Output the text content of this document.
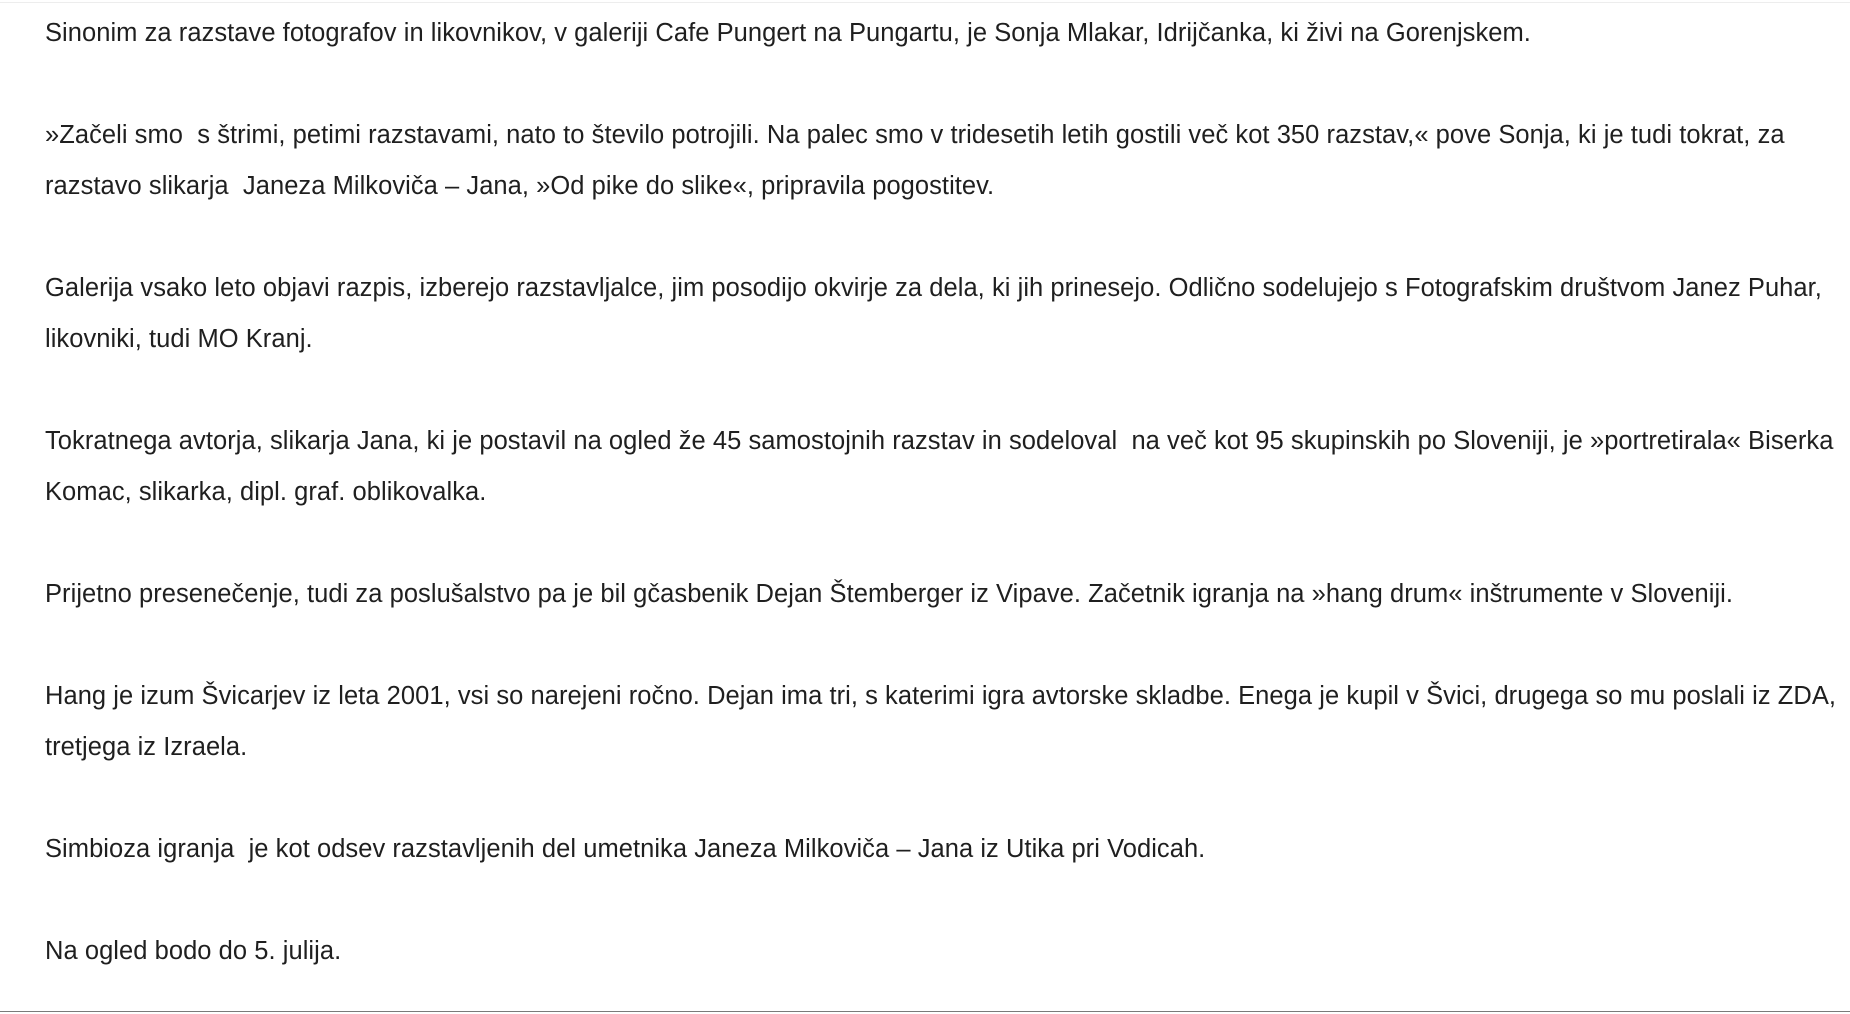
Sinonim za razstave fotografov in likovnikov, v galeriji Cafe Pungert na Pungartu, je Sonja Mlakar, Idrijčanka, ki živi na Gorenjskem.

»Začeli smo  s štrimi, petimi razstavami, nato to število potrojili. Na palec smo v tridesetih letih gostili več kot 350 razstav,« pove Sonja, ki je tudi tokrat, za razstavo slikarja  Janeza Milkoviča – Jana, »Od pike do slike«, pripravila pogostitev.

Galerija vsako leto objavi razpis, izberejo razstavljalce, jim posodijo okvirje za dela, ki jih prinesejo. Odlično sodelujejo s Fotografskim društvom Janez Puhar, likovniki, tudi MO Kranj.

Tokratnega avtorja, slikarja Jana, ki je postavil na ogled že 45 samostojnih razstav in sodeloval  na več kot 95 skupinskih po Sloveniji, je »portretirala« Biserka Komac, slikarka, dipl. graf. oblikovalka.

Prijetno presenečenje, tudi za poslušalstvo pa je bil gčasbenik Dejan Štemberger iz Vipave. Začetnik igranja na »hang drum« inštrumente v Sloveniji.

Hang je izum Švicarjev iz leta 2001, vsi so narejeni ročno. Dejan ima tri, s katerimi igra avtorske skladbe. Enega je kupil v Švici, drugega so mu poslali iz ZDA, tretjega iz Izraela.

Simbioza igranja  je kot odsev razstavljenih del umetnika Janeza Milkoviča – Jana iz Utika pri Vodicah.

Na ogled bodo do 5. julija.
